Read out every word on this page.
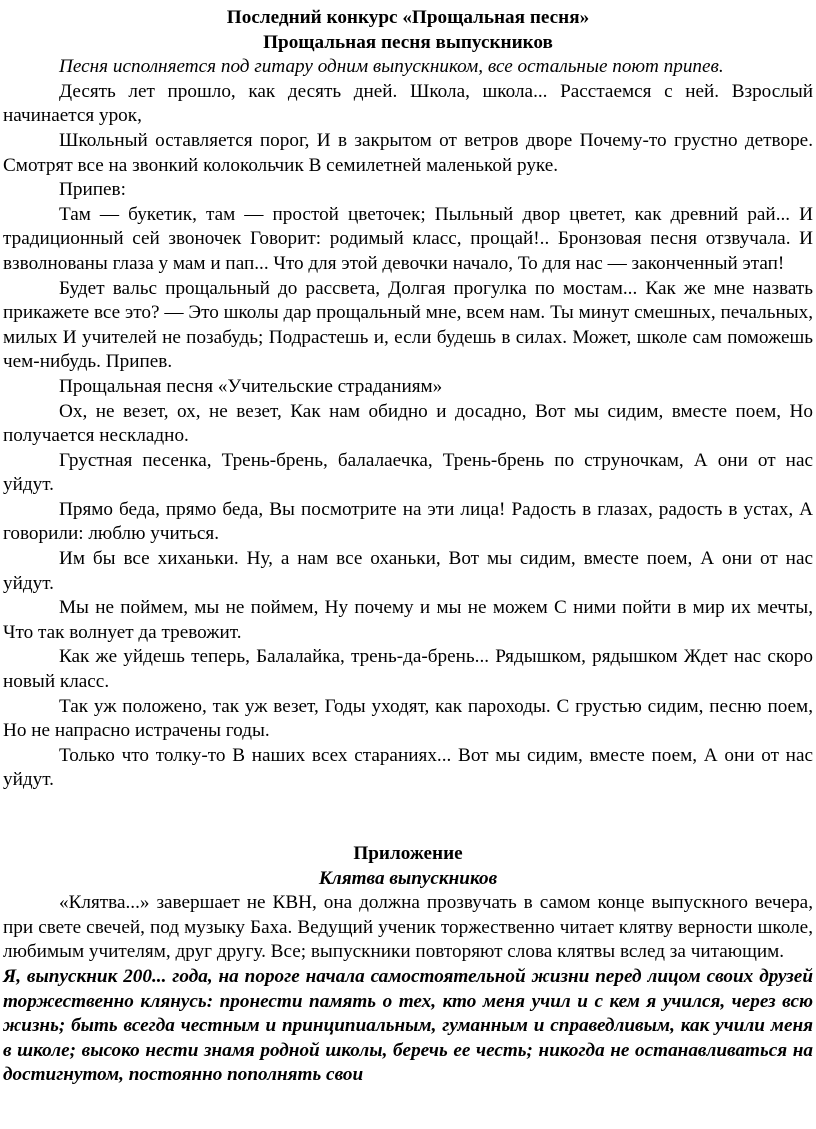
Последний конкурс «Прощальная песня»

Прощальная песня выпускников

Песня исполняется под гитару одним выпускником, все остальные поют припев.

Десять лет прошло, как десять дней. Школа, школа... Расстаемся с ней. Взрослый начинается урок,

Школьный оставляется порог, И в закрытом от ветров дворе Почему-то грустно детворе. Смотрят все на звонкий колокольчик В семилетней маленькой руке.

Припев:

Там — букетик, там — простой цветочек; Пыльный двор цветет, как древний рай... И традиционный сей звоночек Говорит: родимый класс, прощай!.. Бронзовая песня отзвучала. И взволнованы глаза у мам и пап... Что для этой девочки начало, То для нас — законченный этап!

Будет вальс прощальный до рассвета, Долгая прогулка по мостам... Как же мне назвать прикажете все это? — Это школы дар прощальный мне, всем нам. Ты минут смешных, печальных, милых И учителей не позабудь; Подрастешь и, если будешь в силах. Может, школе сам поможешь чем-нибудь. Припев.

Прощальная песня «Учительские страданиям»

Ох, не везет, ох, не везет, Как нам обидно и досадно, Вот мы сидим, вместе поем, Но получается нескладно.

Грустная песенка, Трень-брень, балалаечка, Трень-брень по струночкам, А они от нас уйдут.

Прямо беда, прямо беда, Вы посмотрите на эти лица! Радость в глазах, радость в устах, А говорили: люблю учиться.

Им бы все хиханьки. Ну, а нам все оханьки, Вот мы сидим, вместе поем, А они от нас уйдут.

Мы не поймем, мы не поймем, Ну почему и мы не можем С ними пойти в мир их мечты, Что так волнует да тревожит.

Как же уйдешь теперь, Балалайка, трень-да-брень... Рядышком, рядышком Ждет нас скоро новый класс.

Так уж положено, так уж везет, Годы уходят, как пароходы. С грустью сидим, песню поем, Но не напрасно истрачены годы.

Только что толку-то В наших всех стараниях... Вот мы сидим, вместе поем, А они от нас уйдут.

Приложение

Клятва выпускников

«Клятва...» завершает не КВН, она должна прозвучать в самом конце выпускного вечера, при свете свечей, под музыку Баха. Ведущий ученик торжественно читает клятву верности школе, любимым учителям, друг другу. Все; выпускники повторяют слова клятвы вслед за читающим.

Я, выпускник 200... года, на пороге начала самостоятельной жизни перед лицом своих друзей торжественно клянусь: пронести память о тех, кто меня учил и с кем я учился, через всю жизнь; быть всегда честным и принципиальным, гуманным и справедливым, как учили меня в школе; высоко нести знамя родной школы, беречь ее честь; никогда не останавливаться на достигнутом, постоянно пополнять свои
